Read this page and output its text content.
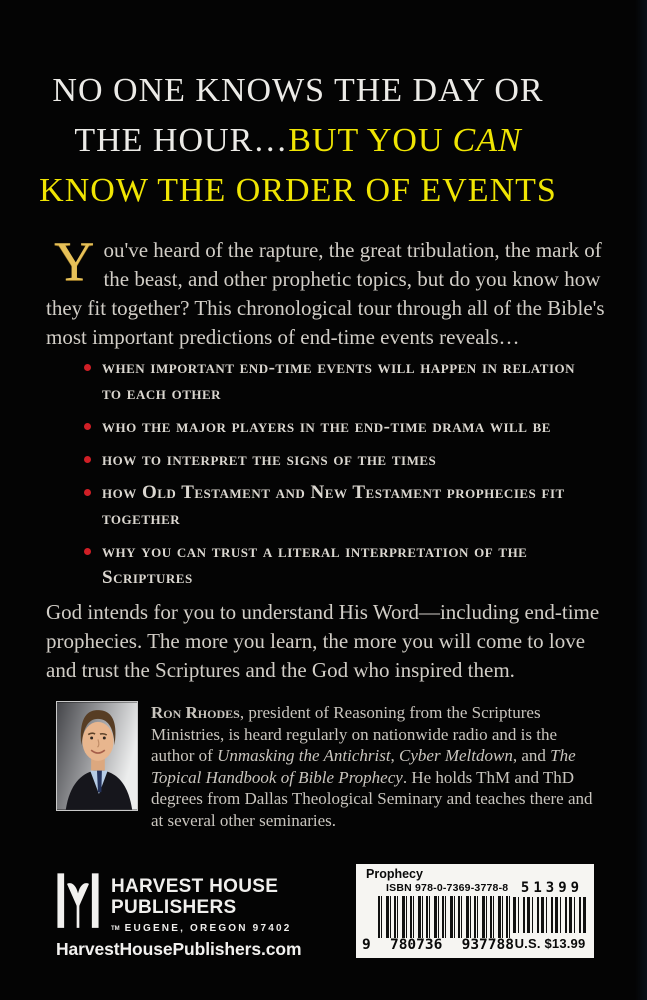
NO ONE KNOWS THE DAY OR
THE HOUR…BUT YOU CAN
KNOW THE ORDER OF EVENTS

You've heard of the rapture, the great tribulation, the mark of the beast, and other prophetic topics, but do you know how they fit together? This chronological tour through all of the Bible's most important predictions of end-time events reveals…

when important end-time events will happen in relation to each other
who the major players in the end-time drama will be
how to interpret the signs of the times
how Old Testament and New Testament prophecies fit together
why you can trust a literal interpretation of the Scriptures

God intends for you to understand His Word—including end-time prophecies. The more you learn, the more you will come to love and trust the Scriptures and the God who inspired them.

Ron Rhodes, president of Reasoning from the Scriptures Ministries, is heard regularly on nationwide radio and is the author of Unmasking the Antichrist, Cyber Meltdown, and The Topical Handbook of Bible Prophecy. He holds ThM and ThD degrees from Dallas Theological Seminary and teaches there and at several other seminaries.

HARVEST HOUSE
PUBLISHERS
TM EUGENE, OREGON 97402
HarvestHousePublishers.com
Prophecy
ISBN 978-0-7369-3778-8
9 780736 937788
51399
U.S. $13.99
